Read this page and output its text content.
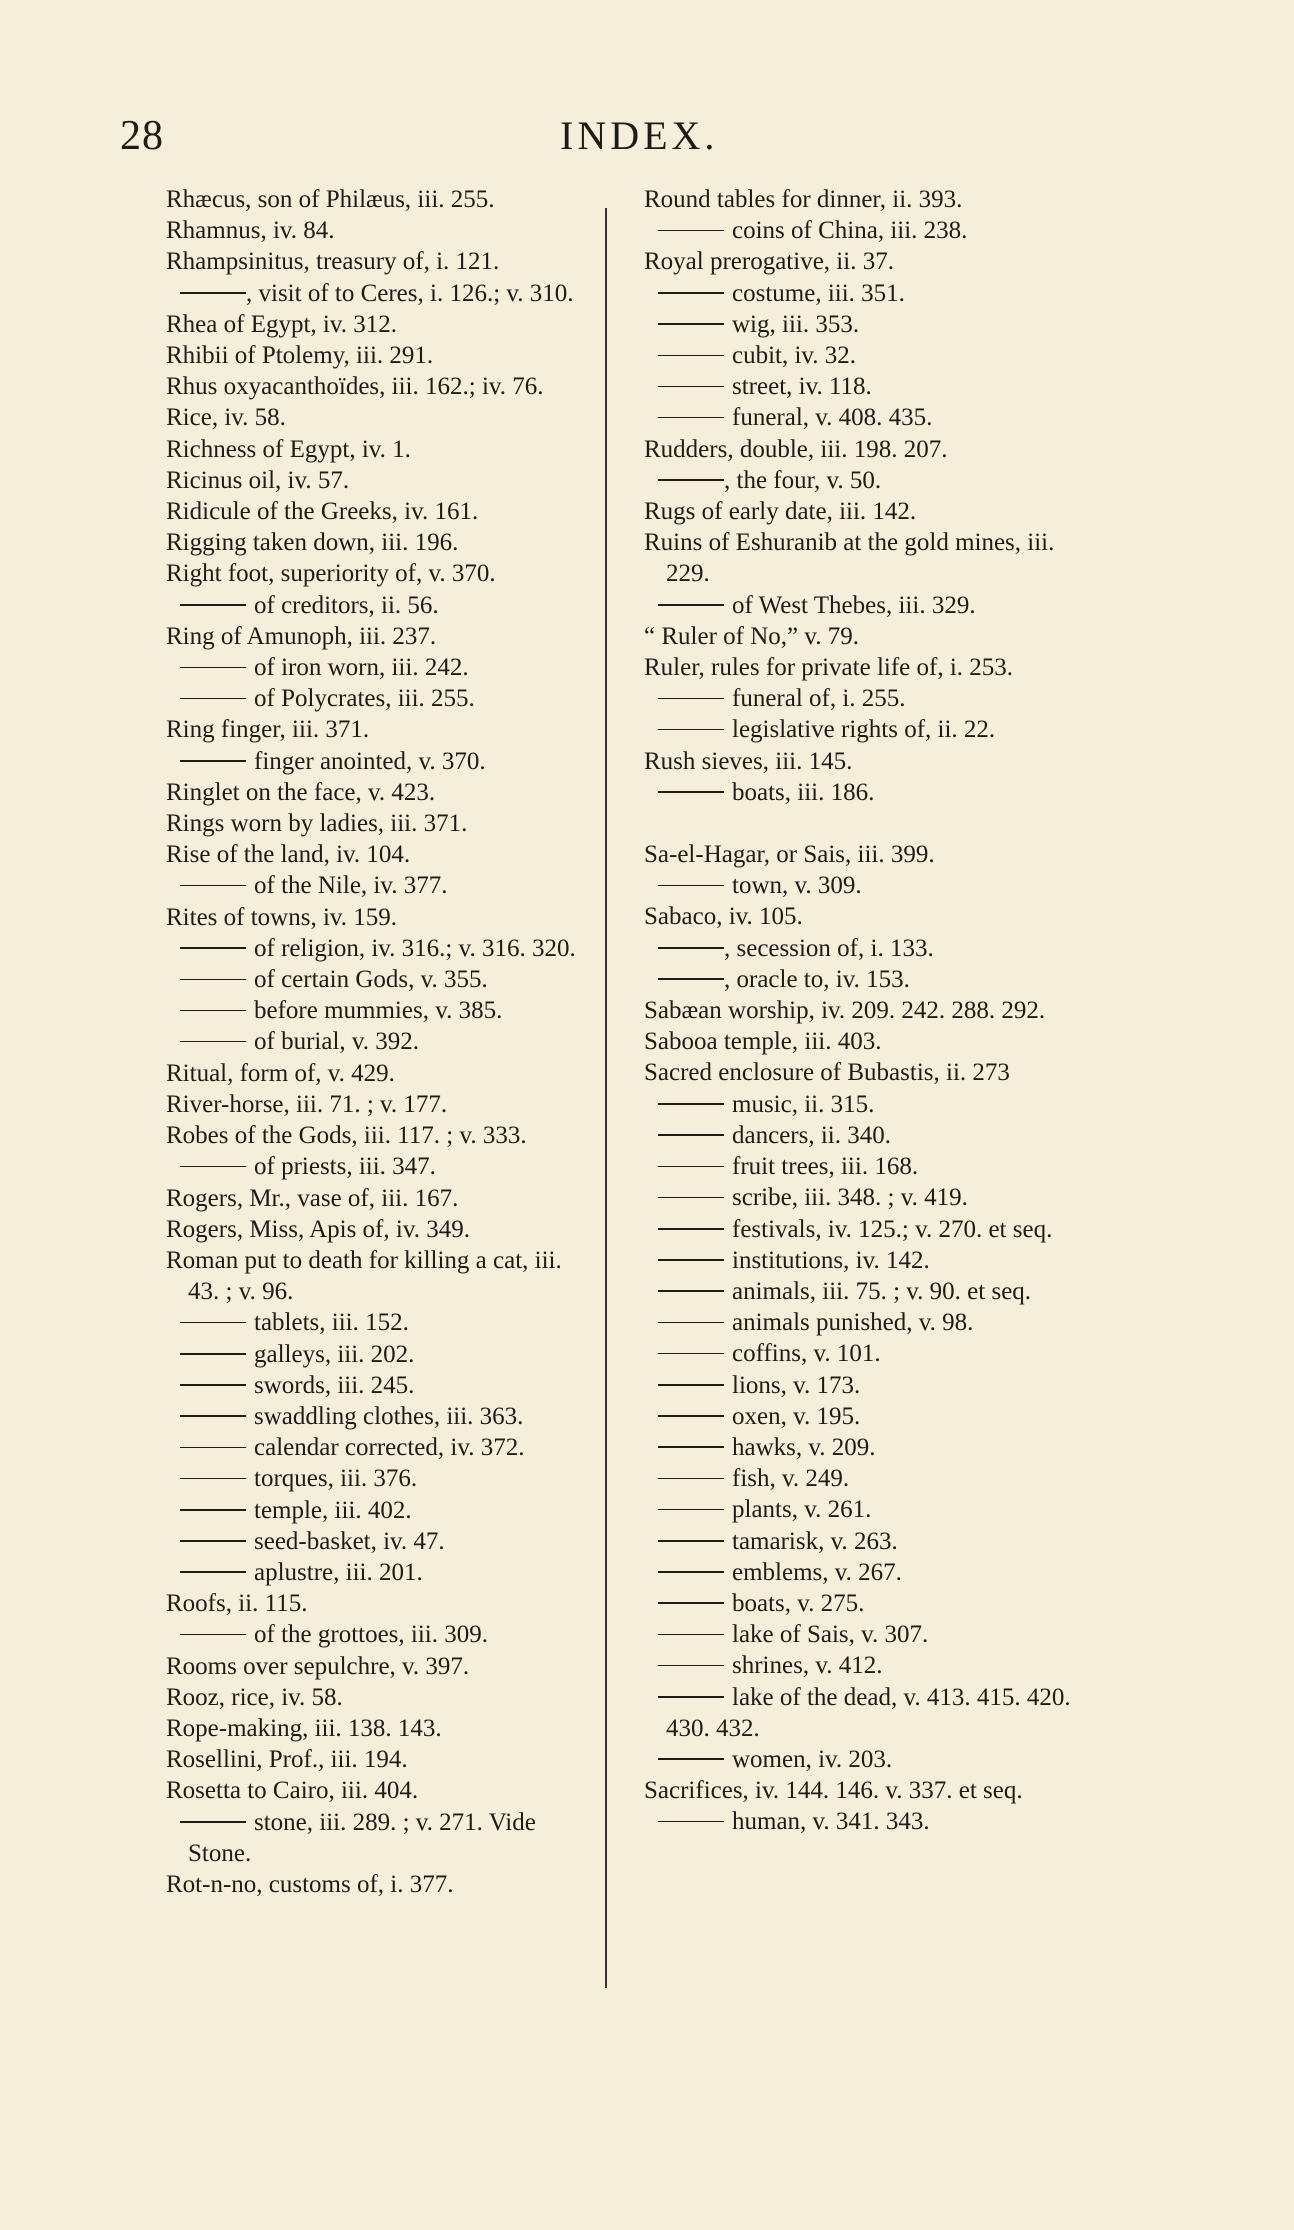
28	INDEX.
Rhæcus, son of Philæus, iii. 255.
Rhamnus, iv. 84.
Rhampsinitus, treasury of, i. 121.
, visit of to Ceres, i. 126.; v. 310.
Rhea of Egypt, iv. 312.
Rhibii of Ptolemy, iii. 291.
Rhus oxyacanthoïdes, iii. 162.; iv. 76.
Rice, iv. 58.
Richness of Egypt, iv. 1.
Ricinus oil, iv. 57.
Ridicule of the Greeks, iv. 161.
Rigging taken down, iii. 196.
Right foot, superiority of, v. 370.
of creditors, ii. 56.
Ring of Amunoph, iii. 237.
of iron worn, iii. 242.
of Polycrates, iii. 255.
Ring finger, iii. 371.
finger anointed, v. 370.
Ringlet on the face, v. 423.
Rings worn by ladies, iii. 371.
Rise of the land, iv. 104.
of the Nile, iv. 377.
Rites of towns, iv. 159.
of religion, iv. 316.; v. 316. 320.
of certain Gods, v. 355.
before mummies, v. 385.
of burial, v. 392.
Ritual, form of, v. 429.
River-horse, iii. 71. ; v. 177.
Robes of the Gods, iii. 117. ; v. 333.
of priests, iii. 347.
Rogers, Mr., vase of, iii. 167.
Rogers, Miss, Apis of, iv. 349.
Roman put to death for killing a cat, iii. 43. ; v. 96.
tablets, iii. 152.
galleys, iii. 202.
swords, iii. 245.
swaddling clothes, iii. 363.
calendar corrected, iv. 372.
torques, iii. 376.
temple, iii. 402.
seed-basket, iv. 47.
aplustre, iii. 201.
Roofs, ii. 115.
of the grottoes, iii. 309.
Rooms over sepulchre, v. 397.
Rooz, rice, iv. 58.
Rope-making, iii. 138. 143.
Rosellini, Prof., iii. 194.
Rosetta to Cairo, iii. 404.
stone, iii. 289. ; v. 271. Vide Stone.
Rot-n-no, customs of, i. 377.
Round tables for dinner, ii. 393.
coins of China, iii. 238.
Royal prerogative, ii. 37.
costume, iii. 351.
wig, iii. 353.
cubit, iv. 32.
street, iv. 118.
funeral, v. 408. 435.
Rudders, double, iii. 198. 207.
, the four, v. 50.
Rugs of early date, iii. 142.
Ruins of Eshuranib at the gold mines, iii. 229.
of West Thebes, iii. 329.
“ Ruler of No,” v. 79.
Ruler, rules for private life of, i. 253.
funeral of, i. 255.
legislative rights of, ii. 22.
Rush sieves, iii. 145.
boats, iii. 186.
Sa-el-Hagar, or Sais, iii. 399.
town, v. 309.
Sabaco, iv. 105.
, secession of, i. 133.
, oracle to, iv. 153.
Sabæan worship, iv. 209. 242. 288. 292.
Sabooa temple, iii. 403.
Sacred enclosure of Bubastis, ii. 273
music, ii. 315.
dancers, ii. 340.
fruit trees, iii. 168.
scribe, iii. 348. ; v. 419.
festivals, iv. 125.; v. 270. et seq.
institutions, iv. 142.
animals, iii. 75. ; v. 90. et seq.
animals punished, v. 98.
coffins, v. 101.
lions, v. 173.
oxen, v. 195.
hawks, v. 209.
fish, v. 249.
plants, v. 261.
tamarisk, v. 263.
emblems, v. 267.
boats, v. 275.
lake of Sais, v. 307.
shrines, v. 412.
lake of the dead, v. 413. 415. 420. 430. 432.
women, iv. 203.
Sacrifices, iv. 144. 146. v. 337. et seq.
human, v. 341. 343.
